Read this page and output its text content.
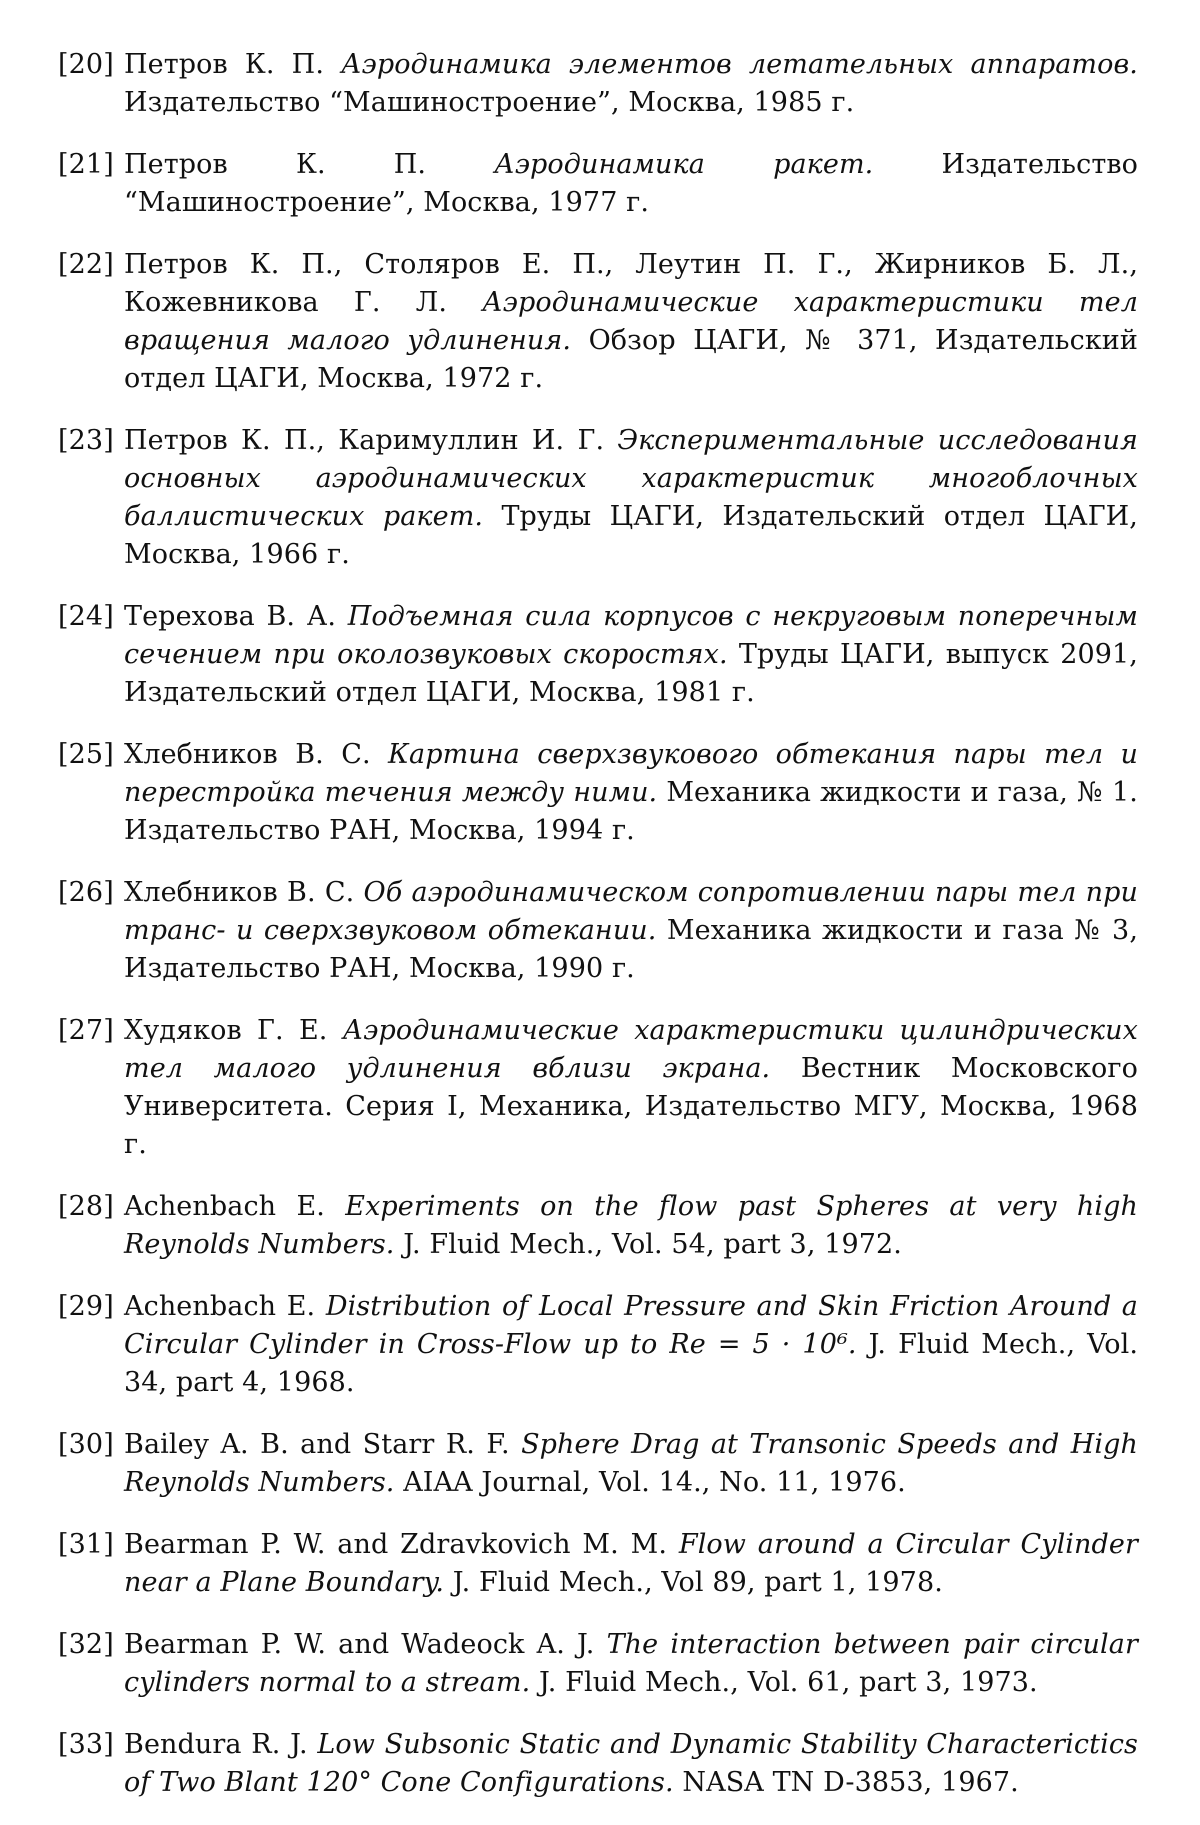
[20] Петров К. П. Аэродинамика элементов летательных аппаратов. Издательство “Машиностроение”, Москва, 1985 г.
[21] Петров К. П.	Аэродинамика ракет.	Издательство “Машиностроение”, Москва, 1977 г.
[22] Петров К. П., Столяров Е. П., Леутин П. Г., Жирников Б. Л., Кожевникова Г. Л. Аэродинамические характеристики тел вращения малого удлинения. Обзор ЦАГИ, № 371, Издательский отдел ЦАГИ, Москва, 1972 г.
[23] Петров К. П., Каримуллин И. Г. Экспериментальные исследования основных аэродинамических характеристик многоблочных баллистических ракет. Труды ЦАГИ, Издательский отдел ЦАГИ, Москва, 1966 г.
[24] Терехова В. А. Подъемная сила корпусов с некруговым поперечным сечением при околозвуковых скоростях. Труды ЦАГИ, выпуск 2091, Издательский отдел ЦАГИ, Москва, 1981 г.
[25] Хлебников В. С. Картина сверхзвукового обтекания пары тел и перестройка течения между ними. Механика жидкости и газа, № 1. Издательство РАН, Москва, 1994 г.
[26] Хлебников В. С. Об аэродинамическом сопротивлении пары тел при транс- и сверхзвуковом обтекании. Механика жидкости и газа № 3, Издательство РАН, Москва, 1990 г.
[27] Худяков Г. Е. Аэродинамические характеристики цилиндрических тел малого удлинения вблизи экрана. Вестник Московского Университета. Серия I, Механика, Издательство МГУ, Москва, 1968 г.
[28] Achenbach E. Experiments on the flow past Spheres at very high Reynolds Numbers. J. Fluid Mech., Vol. 54, part 3, 1972.
[29] Achenbach E. Distribution of Local Pressure and Skin Friction Around a Circular Cylinder in Cross-Flow up to Re = 5 · 10⁶. J. Fluid Mech., Vol. 34, part 4, 1968.
[30] Bailey A. B. and Starr R. F. Sphere Drag at Transonic Speeds and High Reynolds Numbers. AIAA Journal, Vol. 14., No. 11, 1976.
[31] Bearman P. W. and Zdravkovich M. M. Flow around a Circular Cylinder near a Plane Boundary. J. Fluid Mech., Vol 89, part 1, 1978.
[32] Bearman P. W. and Wadeock A. J. The interaction between pair circular cylinders normal to a stream. J. Fluid Mech., Vol. 61, part 3, 1973.
[33] Bendura R. J. Low Subsonic Static and Dynamic Stability Characterictics of Two Blant 120° Cone Configurations. NASA TN D-3853, 1967.
